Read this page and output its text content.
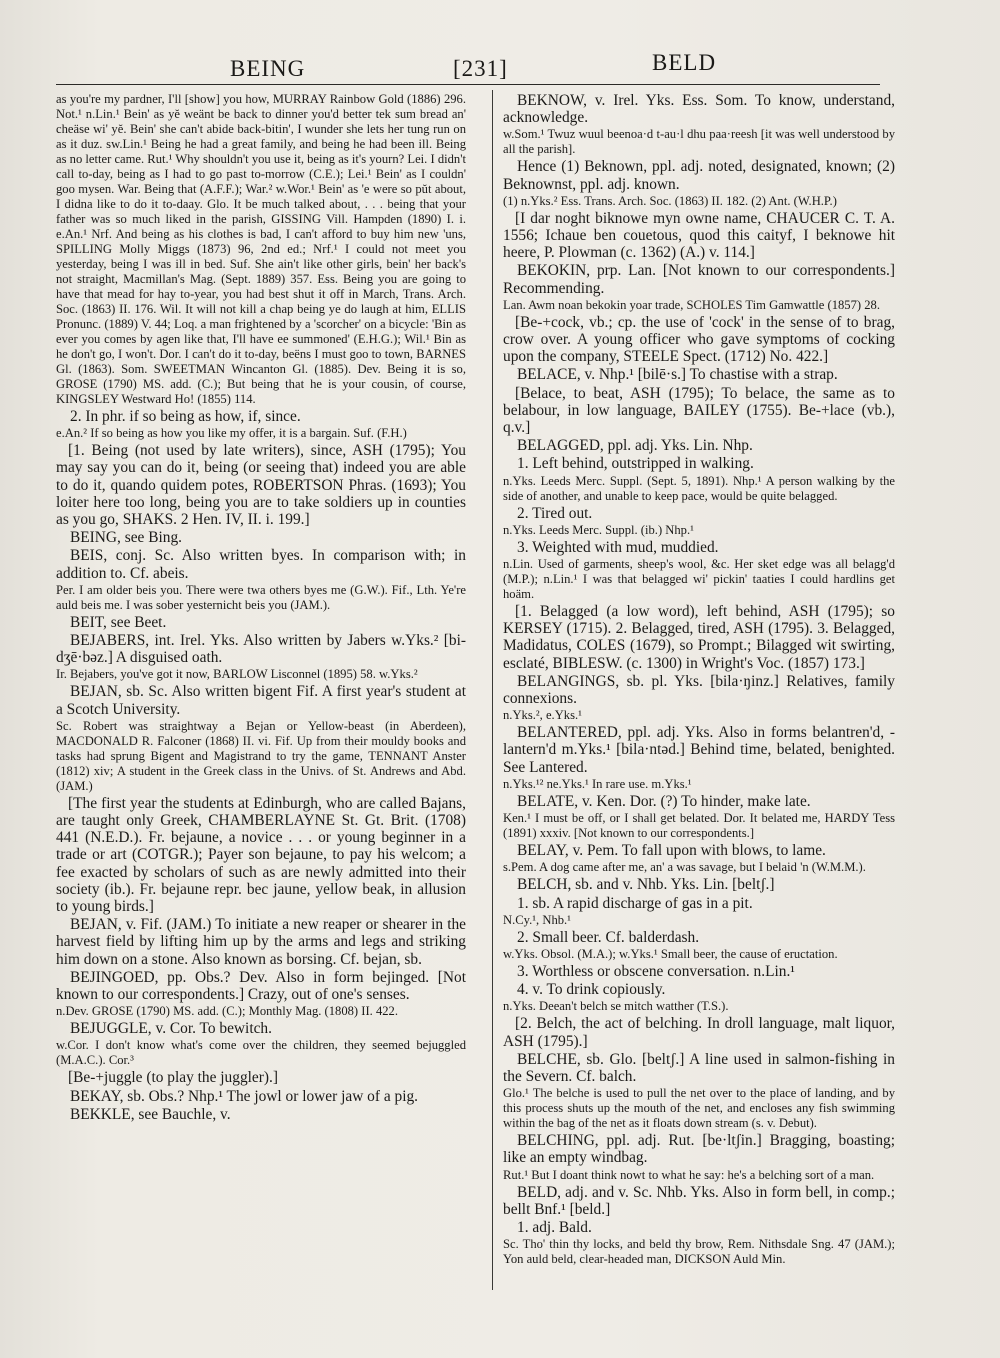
BEING	[231]	BELD

as you're my pardner, I'll [show] you how, MURRAY Rainbow Gold (1886) 296. Not.¹ n.Lin.¹ Bein' as yĕ weänt be back to dinner you'd better tek sum bread an' cheäse wi' yĕ. Bein' she can't abide back-bitin', I wunder she lets her tung run on as it duz. sw.Lin.¹ Being he had a great family, and being he had been ill. Being as no letter came. Rut.¹ Why shouldn't you use it, being as it's yourn? Lei. I didn't call to-day, being as I had to go past to-morrow (C.E.); Lei.¹ Bein' as I couldn' goo mysen. War. Being that (A.F.F.); War.² w.Wor.¹ Bein' as 'e were so pŭt about, I didna like to do it to-daay. Glo. It be much talked about, . . . being that your father was so much liked in the parish, GISSING Vill. Hampden (1890) I. i. e.An.¹ Nrf. And being as his clothes is bad, I can't afford to buy him new 'uns, SPILLING Molly Miggs (1873) 96, 2nd ed.; Nrf.¹ I could not meet you yesterday, being I was ill in bed. Suf. She ain't like other girls, bein' her back's not straight, Macmillan's Mag. (Sept. 1889) 357. Ess. Being you are going to have that mead for hay to-year, you had best shut it off in March, Trans. Arch. Soc. (1863) II. 176. Wil. It will not kill a chap being ye do laugh at him, ELLIS Pronunc. (1889) V. 44; Loq. a man frightened by a 'scorcher' on a bicycle: 'Bin as ever you comes by agen like that, I'll have ee summoned' (E.H.G.); Wil.¹ Bin as he don't go, I won't. Dor. I can't do it to-day, beëns I must goo to town, BARNES Gl. (1863). Som. SWEETMAN Wincanton Gl. (1885). Dev. Being it is so, GROSE (1790) MS. add. (C.); But being that he is your cousin, of course, KINGSLEY Westward Ho! (1855) 114.

2. In phr. if so being as how, if, since.

e.An.² If so being as how you like my offer, it is a bargain. Suf. (F.H.)

[1. Being (not used by late writers), since, ASH (1795); You may say you can do it, being (or seeing that) indeed you are able to do it, quando quidem potes, ROBERTSON Phras. (1693); You loiter here too long, being you are to take soldiers up in counties as you go, SHAKS. 2 Hen. IV, II. i. 199.]

BEING, see Bing.

BEIS, conj. Sc. Also written byes. In comparison with; in addition to. Cf. abeis.

Per. I am older beis you. There were twa others byes me (G.W.). Fif., Lth. Ye're auld beis me. I was sober yesternicht beis you (JAM.).

BEIT, see Beet.

BEJABERS, int. Irel. Yks. Also written by Jabers w.Yks.² [bi-dʒē·bəz.] A disguised oath.

Ir. Bejabers, you've got it now, BARLOW Lisconnel (1895) 58. w.Yks.²

BEJAN, sb. Sc. Also written bigent Fif. A first year's student at a Scotch University.

Sc. Robert was straightway a Bejan or Yellow-beast (in Aberdeen), MACDONALD R. Falconer (1868) II. vi. Fif. Up from their mouldy books and tasks had sprung Bigent and Magistrand to try the game, TENNANT Anster (1812) xiv; A student in the Greek class in the Univs. of St. Andrews and Abd. (JAM.)

[The first year the students at Edinburgh, who are called Bajans, are taught only Greek, CHAMBERLAYNE St. Gt. Brit. (1708) 441 (N.E.D.). Fr. bejaune, a novice . . . or young beginner in a trade or art (COTGR.); Payer son bejaune, to pay his welcom; a fee exacted by scholars of such as are newly admitted into their society (ib.). Fr. bejaune repr. bec jaune, yellow beak, in allusion to young birds.]

BEJAN, v. Fif. (JAM.) To initiate a new reaper or shearer in the harvest field by lifting him up by the arms and legs and striking him down on a stone. Also known as borsing. Cf. bejan, sb.

BEJINGOED, pp. Obs.? Dev. Also in form bejinged. [Not known to our correspondents.] Crazy, out of one's senses.

n.Dev. GROSE (1790) MS. add. (C.); Monthly Mag. (1808) II. 422.

BEJUGGLE, v. Cor. To bewitch.

w.Cor. I don't know what's come over the children, they seemed bejuggled (M.A.C.). Cor.³

[Be-+juggle (to play the juggler).]

BEKAY, sb. Obs.? Nhp.¹ The jowl or lower jaw of a pig.

BEKKLE, see Bauchle, v.

BEKNOW, v. Irel. Yks. Ess. Som. To know, understand, acknowledge.

w.Som.¹ Twuz wuul beenoa·d t-au·l dhu paa·reesh [it was well understood by all the parish].

Hence (1) Beknown, ppl. adj. noted, designated, known; (2) Beknownst, ppl. adj. known.

(1) n.Yks.² Ess. Trans. Arch. Soc. (1863) II. 182. (2) Ant. (W.H.P.)

[I dar noght biknowe myn owne name, CHAUCER C. T. A. 1556; Ichaue ben couetous, quod this caityf, I beknowe hit heere, P. Plowman (c. 1362) (A.) v. 114.]

BEKOKIN, prp. Lan. [Not known to our correspondents.] Recommending.

Lan. Awm noan bekokin yoar trade, SCHOLES Tim Gamwattle (1857) 28.

[Be-+cock, vb.; cp. the use of 'cock' in the sense of to brag, crow over. A young officer who gave symptoms of cocking upon the company, STEELE Spect. (1712) No. 422.]

BELACE, v. Nhp.¹ [bilē·s.] To chastise with a strap.

[Belace, to beat, ASH (1795); To belace, the same as to belabour, in low language, BAILEY (1755). Be-+lace (vb.), q.v.]

BELAGGED, ppl. adj. Yks. Lin. Nhp.

1. Left behind, outstripped in walking.

n.Yks. Leeds Merc. Suppl. (Sept. 5, 1891). Nhp.¹ A person walking by the side of another, and unable to keep pace, would be quite belagged.

2. Tired out.

n.Yks. Leeds Merc. Suppl. (ib.) Nhp.¹

3. Weighted with mud, muddied.

n.Lin. Used of garments, sheep's wool, &c. Her sket edge was all belagg'd (M.P.); n.Lin.¹ I was that belagged wi' pickin' taaties I could hardlins get hoäm.

[1. Belagged (a low word), left behind, ASH (1795); so KERSEY (1715). 2. Belagged, tired, ASH (1795). 3. Belagged, Madidatus, COLES (1679), so Prompt.; Bilagged wit swirting, esclaté, BIBLESW. (c. 1300) in Wright's Voc. (1857) 173.]

BELANGINGS, sb. pl. Yks. [bila·ŋinz.] Relatives, family connexions.

n.Yks.², e.Yks.¹

BELANTERED, ppl. adj. Yks. Also in forms belantren'd, -lantern'd m.Yks.¹ [bila·ntəd.] Behind time, belated, benighted. See Lantered.

n.Yks.¹² ne.Yks.¹ In rare use. m.Yks.¹

BELATE, v. Ken. Dor. (?) To hinder, make late.

Ken.¹ I must be off, or I shall get belated. Dor. It belated me, HARDY Tess (1891) xxxiv. [Not known to our correspondents.]

BELAY, v. Pem. To fall upon with blows, to lame.

s.Pem. A dog came after me, an' a was savage, but I belaid 'n (W.M.M.).

BELCH, sb. and v. Nhb. Yks. Lin. [beltʃ.]

1. sb. A rapid discharge of gas in a pit.

N.Cy.¹, Nhb.¹

2. Small beer. Cf. balderdash.

w.Yks. Obsol. (M.A.); w.Yks.¹ Small beer, the cause of eructation.

3. Worthless or obscene conversation. n.Lin.¹

4. v. To drink copiously.

n.Yks. Deean't belch se mitch watther (T.S.).

[2. Belch, the act of belching. In droll language, malt liquor, ASH (1795).]

BELCHE, sb. Glo. [beltʃ.] A line used in salmon-fishing in the Severn. Cf. balch.

Glo.¹ The belche is used to pull the net over to the place of landing, and by this process shuts up the mouth of the net, and encloses any fish swimming within the bag of the net as it floats down stream (s. v. Debut).

BELCHING, ppl. adj. Rut. [be·ltʃin.] Bragging, boasting; like an empty windbag.

Rut.¹ But I doant think nowt to what he say: he's a belching sort of a man.

BELD, adj. and v. Sc. Nhb. Yks. Also in form bell, in comp.; bellt Bnf.¹ [beld.]

1. adj. Bald.

Sc. Tho' thin thy locks, and beld thy brow, Rem. Nithsdale Sng. 47 (JAM.); Yon auld beld, clear-headed man, DICKSON Auld Min.
